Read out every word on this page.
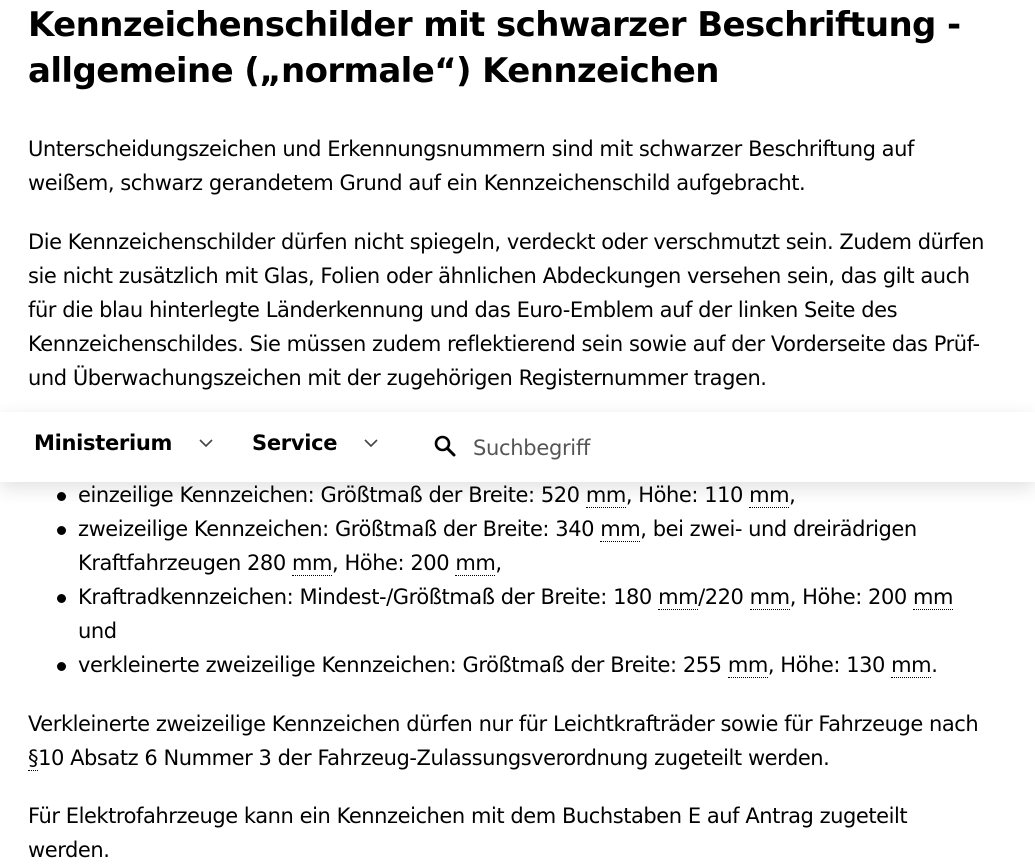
Kennzeichenschilder mit schwarzer Beschriftung - allgemeine („normale“) Kennzeichen

Unterscheidungszeichen und Erkennungsnummern sind mit schwarzer Beschriftung auf weißem, schwarz gerandetem Grund auf ein Kennzeichenschild aufgebracht.

Die Kennzeichenschilder dürfen nicht spiegeln, verdeckt oder verschmutzt sein. Zudem dürfen sie nicht zusätzlich mit Glas, Folien oder ähnlichen Abdeckungen versehen sein, das gilt auch für die blau hinterlegte Länderkennung und das Euro-Emblem auf der linken Seite des Kennzeichenschildes. Sie müssen zudem reflektierend sein sowie auf der Vorderseite das Prüf- und Überwachungszeichen mit der zugehörigen Registernummer tragen.

einzeilige Kennzeichen: Größtmaß der Breite: 520 mm, Höhe: 110 mm,
zweizeilige Kennzeichen: Größtmaß der Breite: 340 mm, bei zwei- und dreirädrigen Kraftfahrzeugen 280 mm, Höhe: 200 mm,
Kraftradkennzeichen: Mindest-/Größtmaß der Breite: 180 mm/220 mm, Höhe: 200 mm und
verkleinerte zweizeilige Kennzeichen: Größtmaß der Breite: 255 mm, Höhe: 130 mm.

Verkleinerte zweizeilige Kennzeichen dürfen nur für Leichtkrafträder sowie für Fahrzeuge nach §10 Absatz 6 Nummer 3 der Fahrzeug-Zulassungsverordnung zugeteilt werden.

Für Elektrofahrzeuge kann ein Kennzeichen mit dem Buchstaben E auf Antrag zugeteilt werden.

Ministerium	Service
Suchbegriff
